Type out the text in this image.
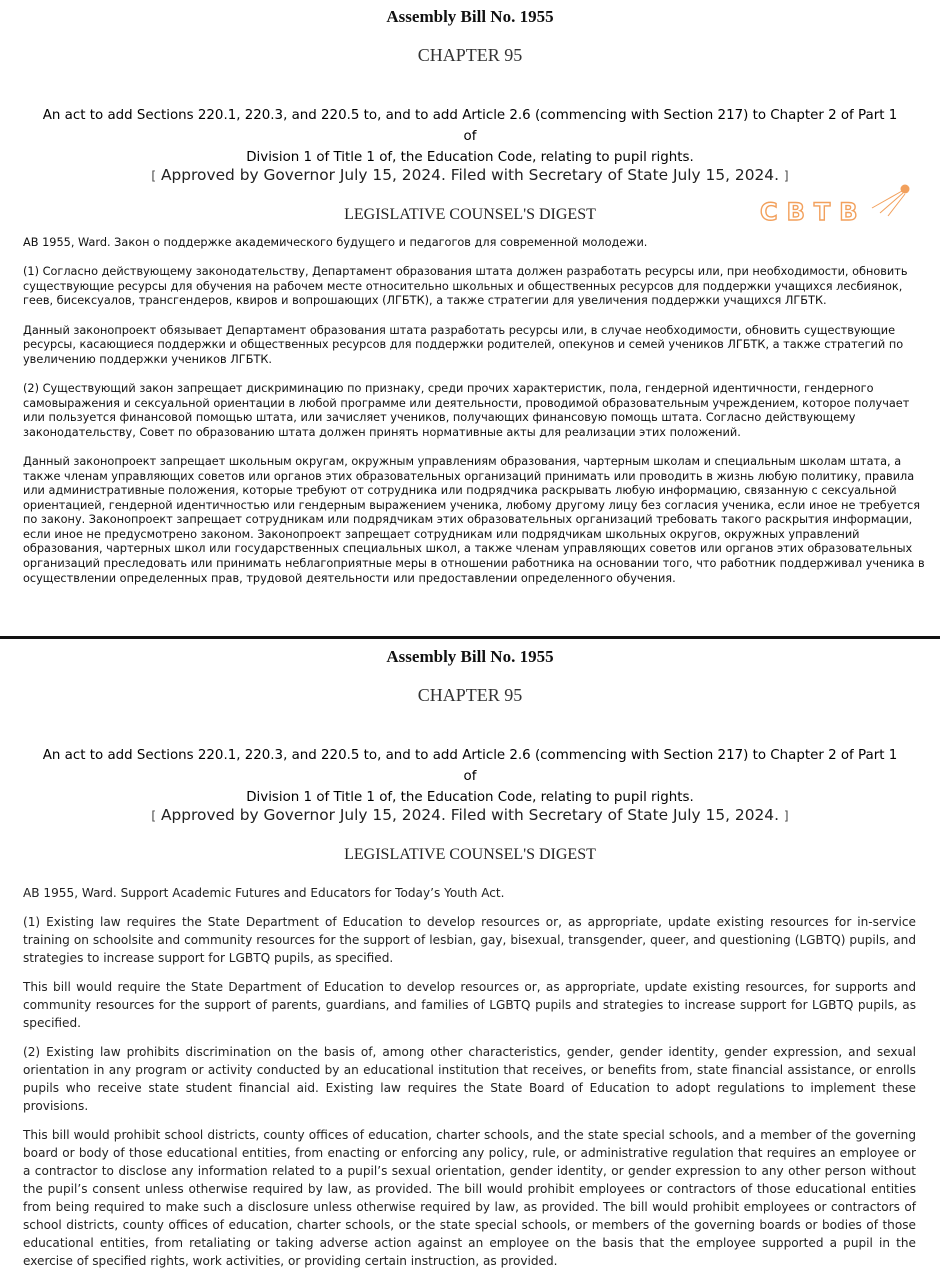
Assembly Bill No. 1955
CHAPTER 95
An act to add Sections 220.1, 220.3, and 220.5 to, and to add Article 2.6 (commencing with Section 217) to Chapter 2 of Part 1 of
Division 1 of Title 1 of, the Education Code, relating to pupil rights.
[ Approved by Governor July 15, 2024. Filed with Secretary of State July 15, 2024. ]
LEGISLATIVE COUNSEL'S DIGEST	CBTB

AB 1955, Ward. Закон о поддержке академического будущего и педагогов для современной молодежи.

(1) Согласно действующему законодательству, Департамент образования штата должен разработать ресурсы или, при необходимости, обновить существующие ресурсы для обучения на рабочем месте относительно школьных и общественных ресурсов для поддержки учащихся лесбиянок, геев, бисексуалов, трансгендеров, квиров и вопрошающих (ЛГБТК), а также стратегии для увеличения поддержки учащихся ЛГБТК.

Данный законопроект обязывает Департамент образования штата разработать ресурсы или, в случае необходимости, обновить существующие ресурсы, касающиеся поддержки и общественных ресурсов для поддержки родителей, опекунов и семей учеников ЛГБТК, а также стратегий по увеличению поддержки учеников ЛГБТК.

(2) Существующий закон запрещает дискриминацию по признаку, среди прочих характеристик, пола, гендерной идентичности, гендерного самовыражения и сексуальной ориентации в любой программе или деятельности, проводимой образовательным учреждением, которое получает или пользуется финансовой помощью штата, или зачисляет учеников, получающих финансовую помощь штата. Согласно действующему законодательству, Совет по образованию штата должен принять нормативные акты для реализации этих положений.

Данный законопроект запрещает школьным округам, окружным управлениям образования, чартерным школам и специальным школам штата, а также членам управляющих советов или органов этих образовательных организаций принимать или проводить в жизнь любую политику, правила или административные положения, которые требуют от сотрудника или подрядчика раскрывать любую информацию, связанную с сексуальной ориентацией, гендерной идентичностью или гендерным выражением ученика, любому другому лицу без согласия ученика, если иное не требуется по закону. Законопроект запрещает сотрудникам или подрядчикам этих образовательных организаций требовать такого раскрытия информации, если иное не предусмотрено законом. Законопроект запрещает сотрудникам или подрядчикам школьных округов, окружных управлений образования, чартерных школ или государственных специальных школ, а также членам управляющих советов или органов этих образовательных организаций преследовать или принимать неблагоприятные меры в отношении работника на основании того, что работник поддерживал ученика в осуществлении определенных прав, трудовой деятельности или предоставлении определенного обучения.

Assembly Bill No. 1955
CHAPTER 95
An act to add Sections 220.1, 220.3, and 220.5 to, and to add Article 2.6 (commencing with Section 217) to Chapter 2 of Part 1 of
Division 1 of Title 1 of, the Education Code, relating to pupil rights.
[ Approved by Governor July 15, 2024. Filed with Secretary of State July 15, 2024. ]
LEGISLATIVE COUNSEL'S DIGEST

AB 1955, Ward. Support Academic Futures and Educators for Today’s Youth Act.

(1) Existing law requires the State Department of Education to develop resources or, as appropriate, update existing resources for in-service training on schoolsite and community resources for the support of lesbian, gay, bisexual, transgender, queer, and questioning (LGBTQ) pupils, and strategies to increase support for LGBTQ pupils, as specified.

This bill would require the State Department of Education to develop resources or, as appropriate, update existing resources, for supports and community resources for the support of parents, guardians, and families of LGBTQ pupils and strategies to increase support for LGBTQ pupils, as specified.

(2) Existing law prohibits discrimination on the basis of, among other characteristics, gender, gender identity, gender expression, and sexual orientation in any program or activity conducted by an educational institution that receives, or benefits from, state financial assistance, or enrolls pupils who receive state student financial aid. Existing law requires the State Board of Education to adopt regulations to implement these provisions.

This bill would prohibit school districts, county offices of education, charter schools, and the state special schools, and a member of the governing board or body of those educational entities, from enacting or enforcing any policy, rule, or administrative regulation that requires an employee or a contractor to disclose any information related to a pupil’s sexual orientation, gender identity, or gender expression to any other person without the pupil’s consent unless otherwise required by law, as provided. The bill would prohibit employees or contractors of those educational entities from being required to make such a disclosure unless otherwise required by law, as provided. The bill would prohibit employees or contractors of school districts, county offices of education, charter schools, or the state special schools, or members of the governing boards or bodies of those educational entities, from retaliating or taking adverse action against an employee on the basis that the employee supported a pupil in the exercise of specified rights, work activities, or providing certain instruction, as provided.
